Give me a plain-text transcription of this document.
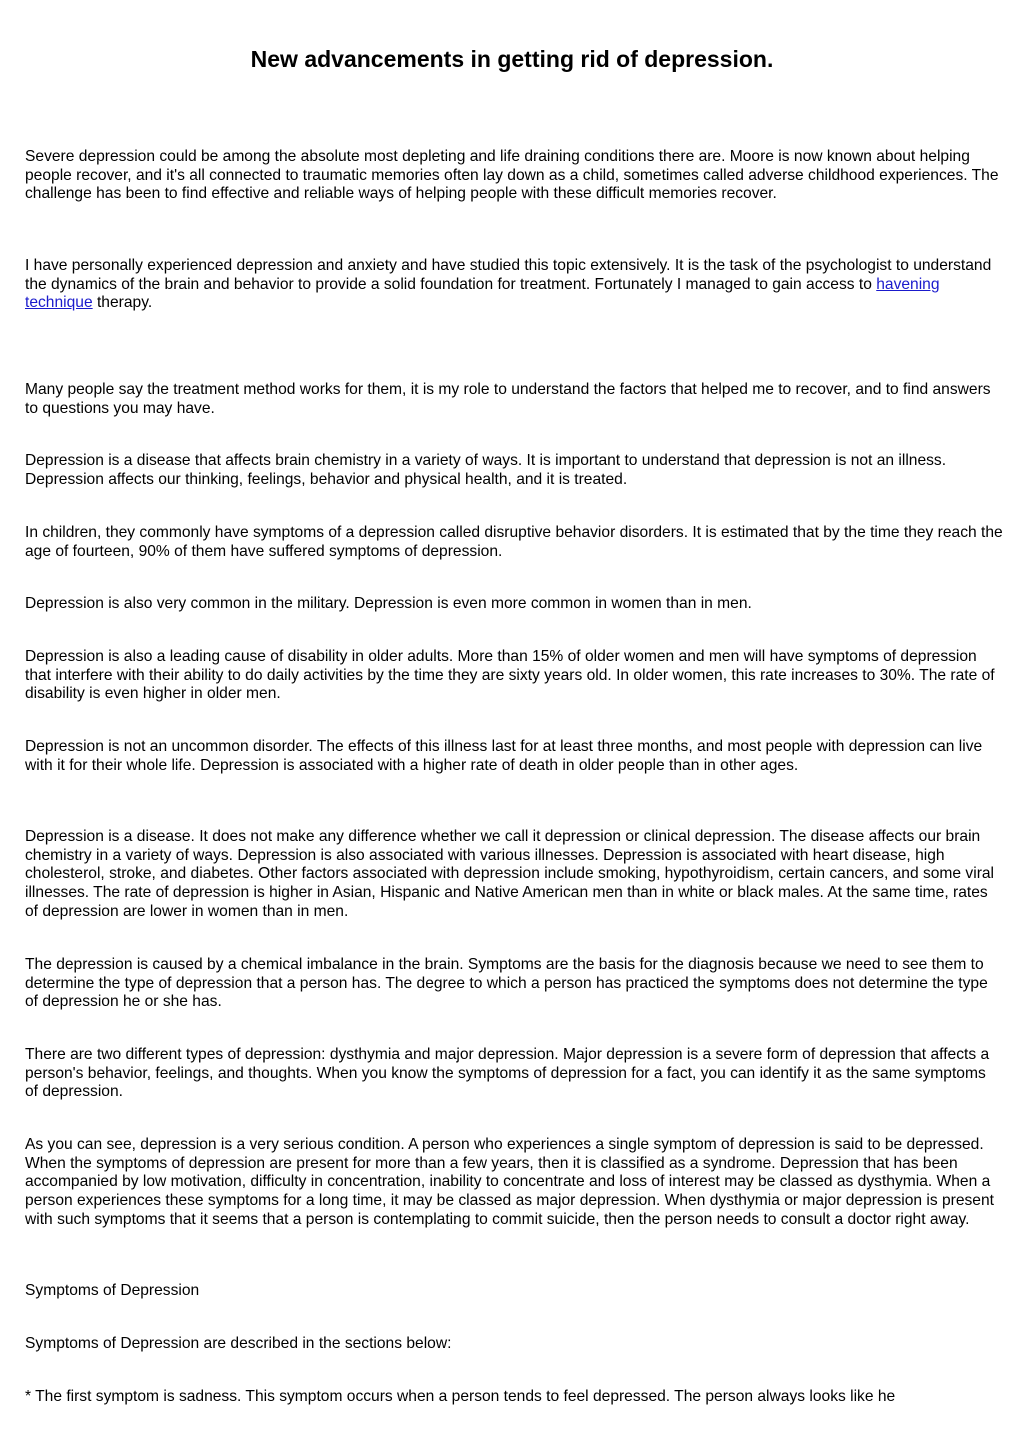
New advancements in getting rid of depression.

Severe depression could be among the absolute most depleting and life draining conditions there are. Moore is now known about helping people recover, and it's all connected to traumatic memories often lay down as a child, sometimes called adverse childhood experiences. The challenge has been to find effective and reliable ways of helping people with these difficult memories recover.

I have personally experienced depression and anxiety and have studied this topic extensively. It is the task of the psychologist to understand the dynamics of the brain and behavior to provide a solid foundation for treatment. Fortunately I managed to gain access to havening technique therapy.

Many people say the treatment method works for them, it is my role to understand the factors that helped me to recover, and to find answers to questions you may have.

Depression is a disease that affects brain chemistry in a variety of ways. It is important to understand that depression is not an illness. Depression affects our thinking, feelings, behavior and physical health, and it is treated.

In children, they commonly have symptoms of a depression called disruptive behavior disorders. It is estimated that by the time they reach the age of fourteen, 90% of them have suffered symptoms of depression.

Depression is also very common in the military. Depression is even more common in women than in men.

Depression is also a leading cause of disability in older adults. More than 15% of older women and men will have symptoms of depression that interfere with their ability to do daily activities by the time they are sixty years old. In older women, this rate increases to 30%. The rate of disability is even higher in older men.

Depression is not an uncommon disorder. The effects of this illness last for at least three months, and most people with depression can live with it for their whole life. Depression is associated with a higher rate of death in older people than in other ages.

Depression is a disease. It does not make any difference whether we call it depression or clinical depression. The disease affects our brain chemistry in a variety of ways. Depression is also associated with various illnesses. Depression is associated with heart disease, high cholesterol, stroke, and diabetes. Other factors associated with depression include smoking, hypothyroidism, certain cancers, and some viral illnesses. The rate of depression is higher in Asian, Hispanic and Native American men than in white or black males. At the same time, rates of depression are lower in women than in men.

The depression is caused by a chemical imbalance in the brain. Symptoms are the basis for the diagnosis because we need to see them to determine the type of depression that a person has. The degree to which a person has practiced the symptoms does not determine the type of depression he or she has.

There are two different types of depression: dysthymia and major depression. Major depression is a severe form of depression that affects a person's behavior, feelings, and thoughts. When you know the symptoms of depression for a fact, you can identify it as the same symptoms of depression.

As you can see, depression is a very serious condition. A person who experiences a single symptom of depression is said to be depressed. When the symptoms of depression are present for more than a few years, then it is classified as a syndrome. Depression that has been accompanied by low motivation, difficulty in concentration, inability to concentrate and loss of interest may be classed as dysthymia. When a person experiences these symptoms for a long time, it may be classed as major depression. When dysthymia or major depression is present with such symptoms that it seems that a person is contemplating to commit suicide, then the person needs to consult a doctor right away.

Symptoms of Depression

Symptoms of Depression are described in the sections below:

* The first symptom is sadness. This symptom occurs when a person tends to feel depressed. The person always looks like he
